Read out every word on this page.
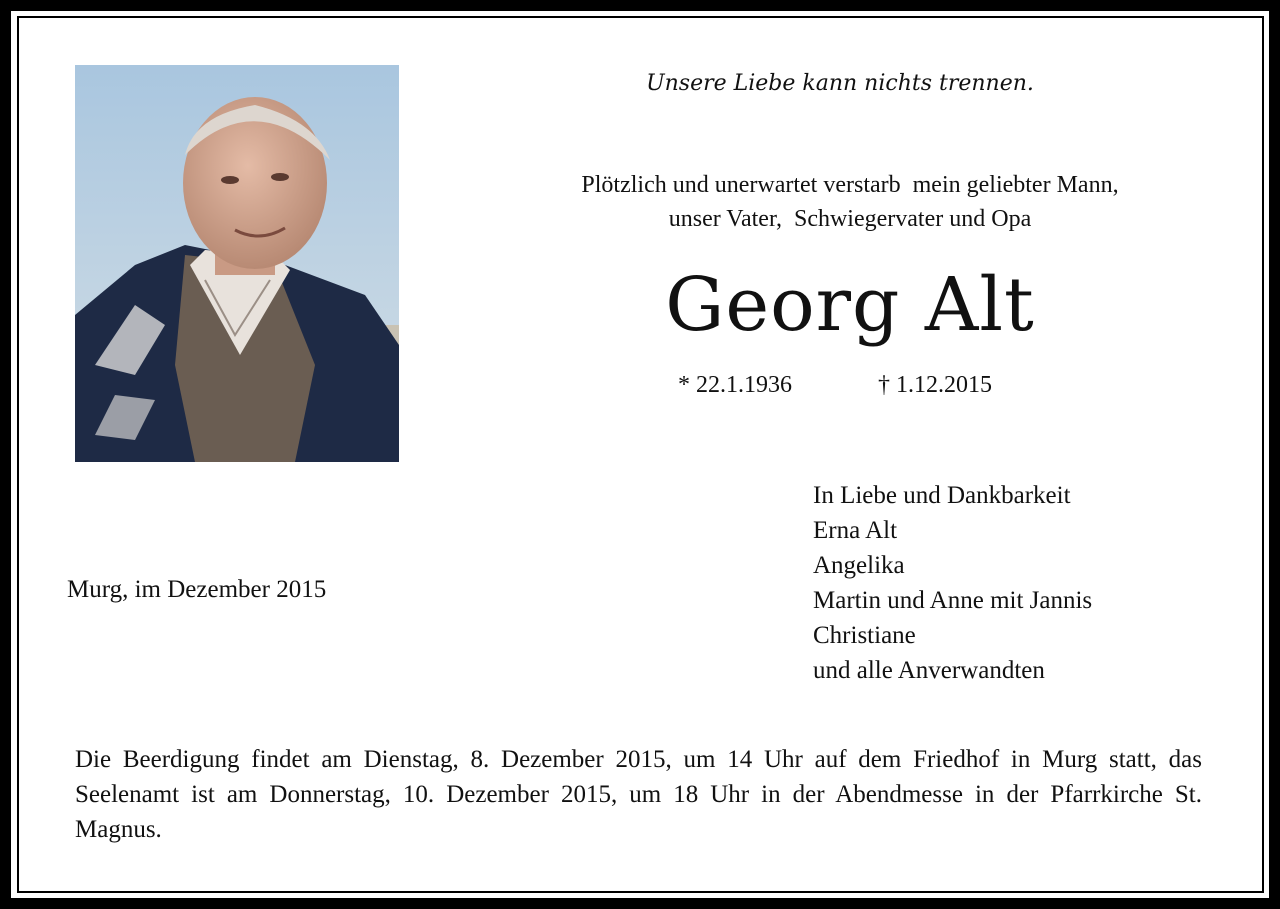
Unsere Liebe kann nichts trennen.
Plötzlich und unerwartet verstarb  mein geliebter Mann,
unser Vater,  Schwiegervater und Opa
Georg Alt
* 22.1.1936	† 1.12.2015
In Liebe und Dankbarkeit
Erna Alt
Angelika
Martin und Anne mit Jannis
Christiane
und alle Anverwandten
Murg, im Dezember 2015
Die Beerdigung findet am Dienstag, 8. Dezember 2015, um 14 Uhr auf dem Friedhof in Murg statt, das Seelenamt ist am Donnerstag, 10. Dezember 2015, um 18 Uhr in der Abendmesse in der Pfarrkirche St. Magnus.
